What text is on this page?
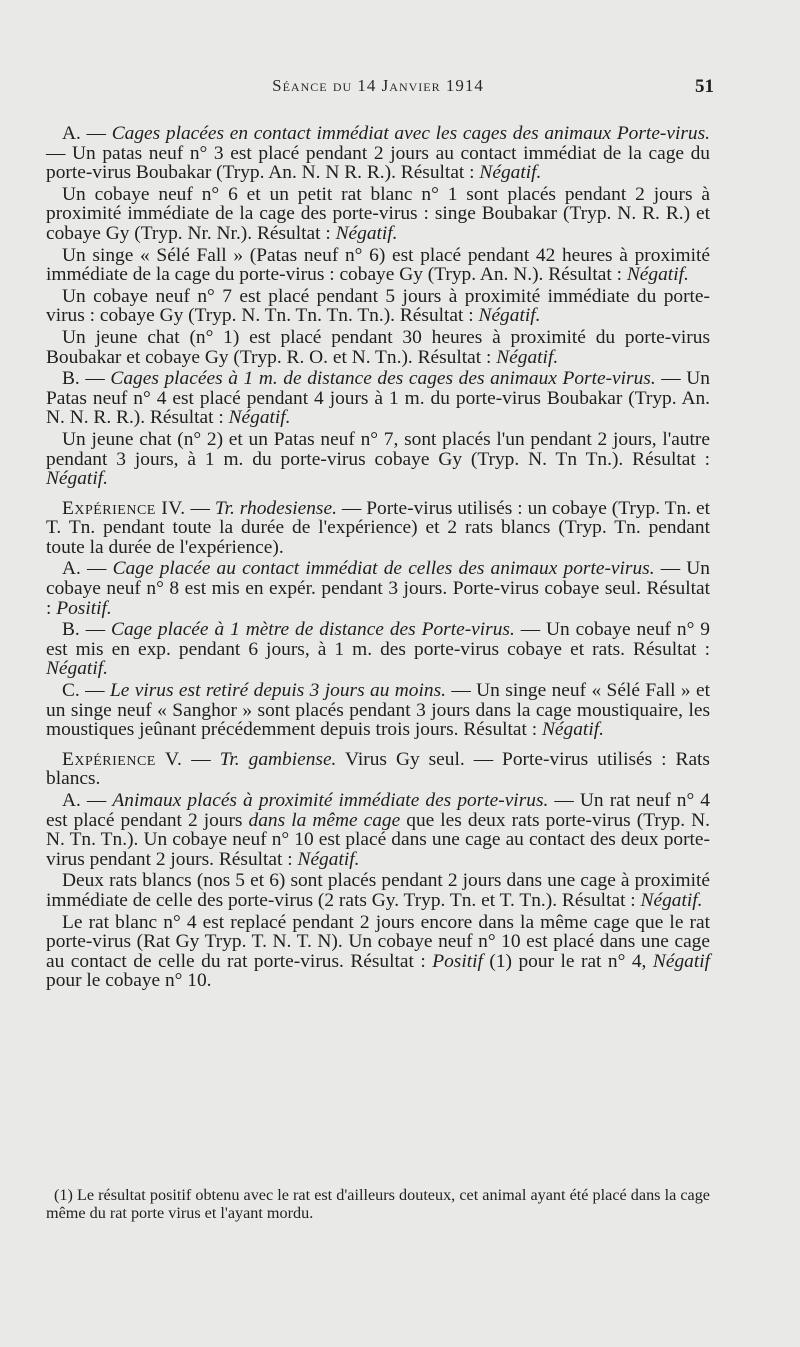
Séance du 14 Janvier 1914	51

A. — Cages placées en contact immédiat avec les cages des animaux Porte-virus. — Un patas neuf n° 3 est placé pendant 2 jours au contact immédiat de la cage du porte-virus Boubakar (Tryp. An. N. N R. R.). Résultat : Négatif.

Un cobaye neuf n° 6 et un petit rat blanc n° 1 sont placés pendant 2 jours à proximité immédiate de la cage des porte-virus : singe Boubakar (Tryp. N. R. R.) et cobaye Gy (Tryp. Nr. Nr.). Résultat : Négatif.

Un singe « Sélé Fall » (Patas neuf n° 6) est placé pendant 42 heures à proximité immédiate de la cage du porte-virus : cobaye Gy (Tryp. An. N.). Résultat : Négatif.

Un cobaye neuf n° 7 est placé pendant 5 jours à proximité immédiate du porte-virus : cobaye Gy (Tryp. N. Tn. Tn. Tn. Tn.). Résultat : Négatif.

Un jeune chat (n° 1) est placé pendant 30 heures à proximité du porte-virus Boubakar et cobaye Gy (Tryp. R. O. et N. Tn.). Résultat : Négatif.

B. — Cages placées à 1 m. de distance des cages des animaux Porte-virus. — Un Patas neuf n° 4 est placé pendant 4 jours à 1 m. du porte-virus Boubakar (Tryp. An. N. N. R. R.). Résultat : Négatif.

Un jeune chat (n° 2) et un Patas neuf n° 7, sont placés l'un pendant 2 jours, l'autre pendant 3 jours, à 1 m. du porte-virus cobaye Gy (Tryp. N. Tn Tn.). Résultat : Négatif.

Expérience IV. — Tr. rhodesiense. — Porte-virus utilisés : un cobaye (Tryp. Tn. et T. Tn. pendant toute la durée de l'expérience) et 2 rats blancs (Tryp. Tn. pendant toute la durée de l'expérience).

A. — Cage placée au contact immédiat de celles des animaux porte-virus. — Un cobaye neuf n° 8 est mis en expér. pendant 3 jours. Porte-virus cobaye seul. Résultat : Positif.

B. — Cage placée à 1 mètre de distance des Porte-virus. — Un cobaye neuf n° 9 est mis en exp. pendant 6 jours, à 1 m. des porte-virus cobaye et rats. Résultat : Négatif.

C. — Le virus est retiré depuis 3 jours au moins. — Un singe neuf « Sélé Fall » et un singe neuf « Sanghor » sont placés pendant 3 jours dans la cage moustiquaire, les moustiques jeûnant précédemment depuis trois jours. Résultat : Négatif.

Expérience V. — Tr. gambiense. Virus Gy seul. — Porte-virus utilisés : Rats blancs.

A. — Animaux placés à proximité immédiate des porte-virus. — Un rat neuf n° 4 est placé pendant 2 jours dans la même cage que les deux rats porte-virus (Tryp. N. N. Tn. Tn.). Un cobaye neuf n° 10 est placé dans une cage au contact des deux porte-virus pendant 2 jours. Résultat : Négatif.

Deux rats blancs (nos 5 et 6) sont placés pendant 2 jours dans une cage à proximité immédiate de celle des porte-virus (2 rats Gy. Tryp. Tn. et T. Tn.). Résultat : Négatif.

Le rat blanc n° 4 est replacé pendant 2 jours encore dans la même cage que le rat porte-virus (Rat Gy Tryp. T. N. T. N). Un cobaye neuf n° 10 est placé dans une cage au contact de celle du rat porte-virus. Résultat : Positif (1) pour le rat n° 4, Négatif pour le cobaye n° 10.

(1) Le résultat positif obtenu avec le rat est d'ailleurs douteux, cet animal ayant été placé dans la cage même du rat porte virus et l'ayant mordu.
